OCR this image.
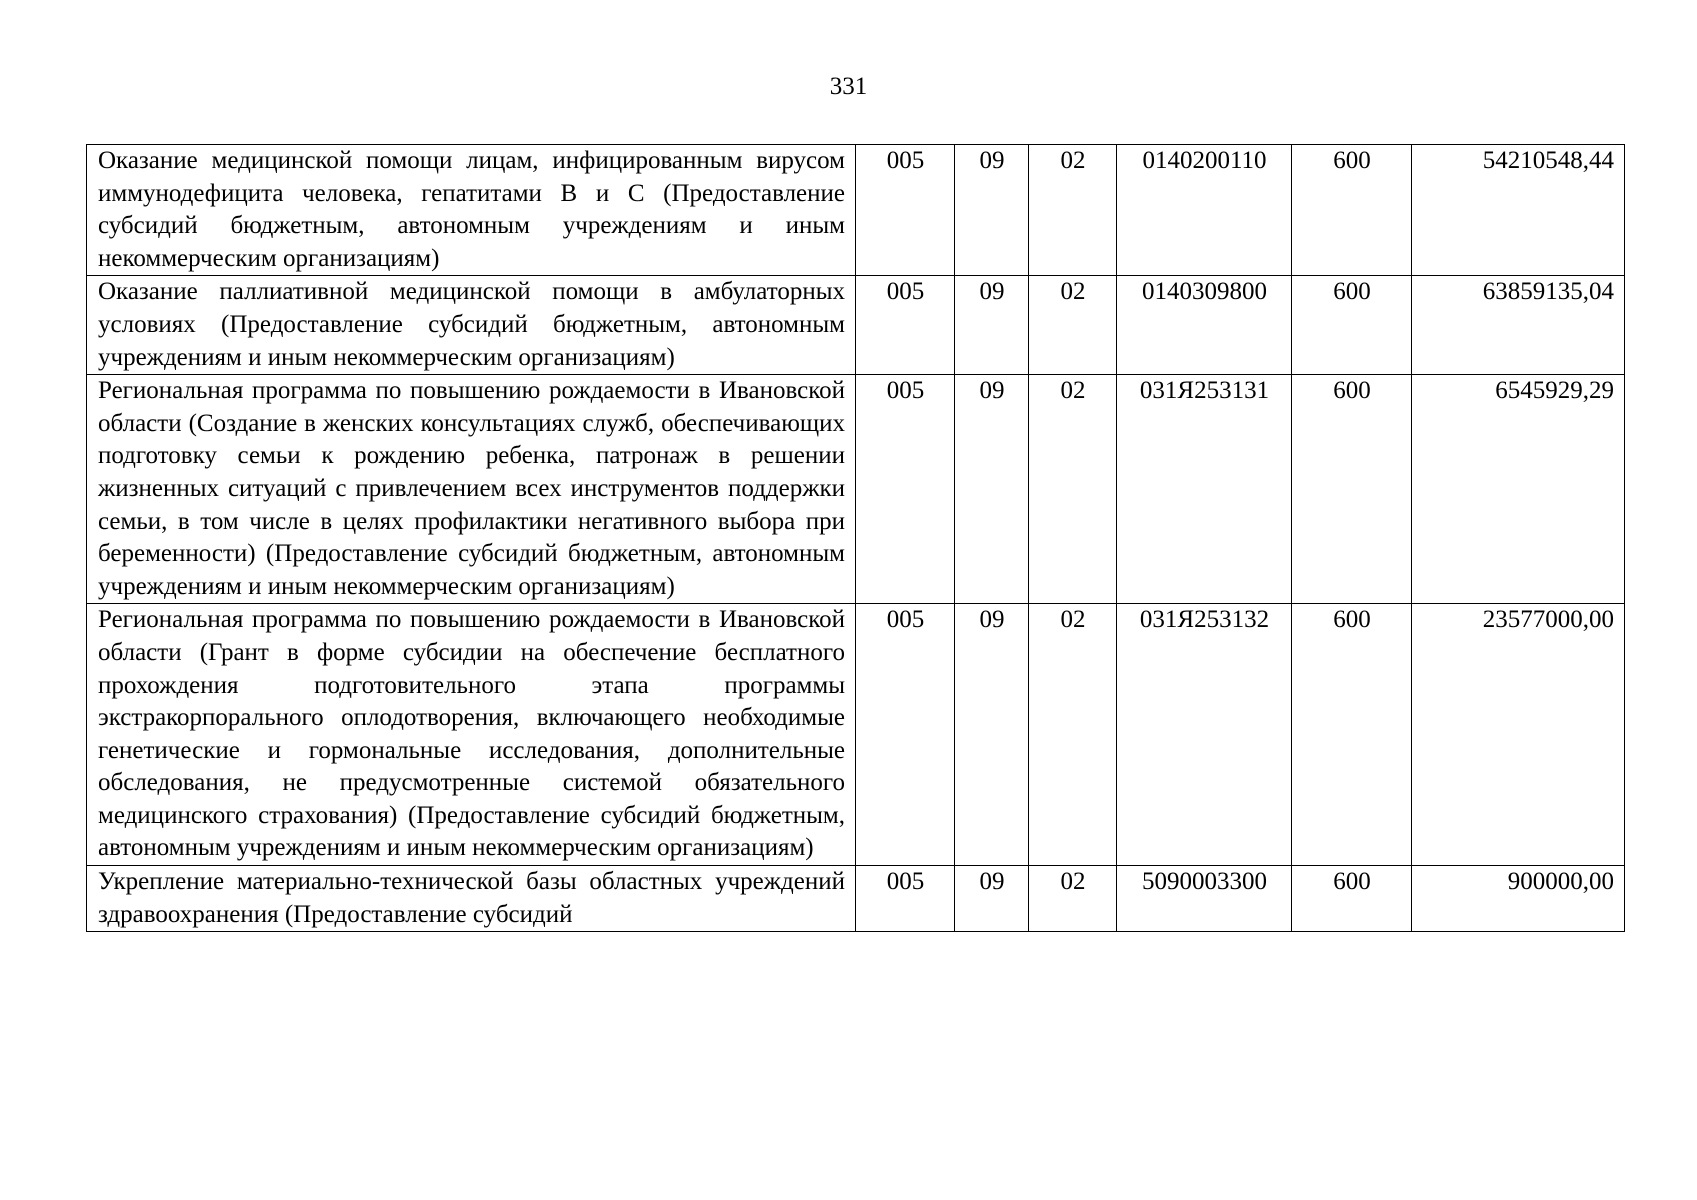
331
Оказание медицинской помощи лицам, инфицированным вирусом иммунодефицита человека, гепатитами В и С (Предоставление субсидий бюджетным, автономным учреждениям и иным некоммерческим организациям)	005	09	02	0140200110	600	54210548,44
Оказание паллиативной медицинской помощи в амбулаторных условиях (Предоставление субсидий бюджетным, автономным учреждениям и иным некоммерческим организациям)	005	09	02	0140309800	600	63859135,04
Региональная программа по повышению рождаемости в Ивановской области (Создание в женских консультациях служб, обеспечивающих подготовку семьи к рождению ребенка, патронаж в решении жизненных ситуаций с привлечением всех инструментов поддержки семьи, в том числе в целях профилактики негативного выбора при беременности) (Предоставление субсидий бюджетным, автономным учреждениям и иным некоммерческим организациям)	005	09	02	031Я253131	600	6545929,29
Региональная программа по повышению рождаемости в Ивановской области (Грант в форме субсидии на обеспечение бесплатного прохождения подготовительного этапа программы экстракорпорального оплодотворения, включающего необходимые генетические и гормональные исследования, дополнительные обследования, не предусмотренные системой обязательного медицинского страхования) (Предоставление субсидий бюджетным, автономным учреждениям и иным некоммерческим организациям)	005	09	02	031Я253132	600	23577000,00
Укрепление материально-технической базы областных учреждений здравоохранения (Предоставление субсидий	005	09	02	5090003300	600	900000,00
